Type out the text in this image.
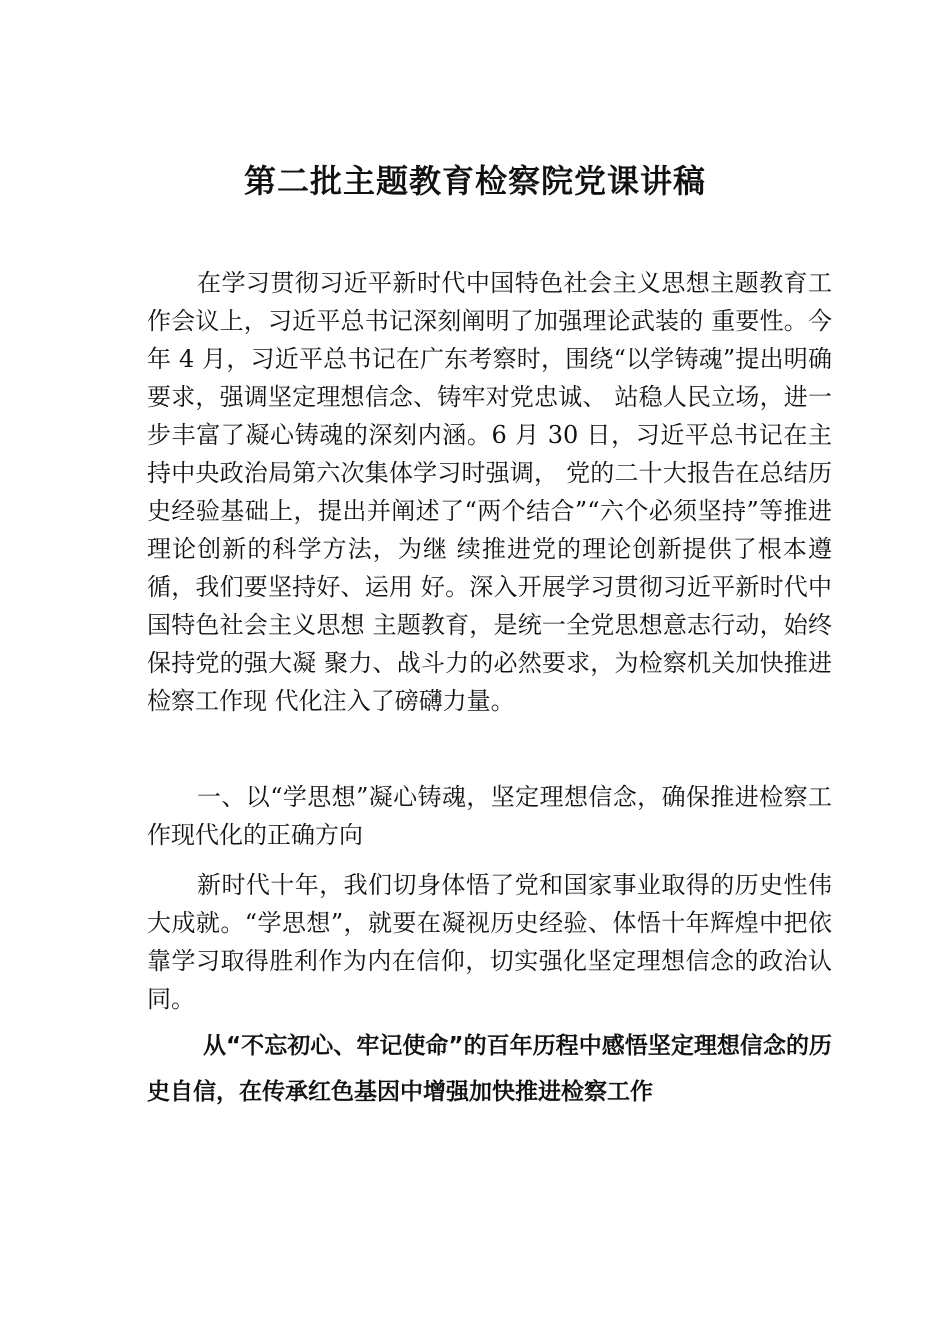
第二批主题教育检察院党课讲稿

在学习贯彻习近平新时代中国特色社会主义思想主题教育工作会议上，习近平总书记深刻阐明了加强理论武装的 重要性。今年 4 月，习近平总书记在广东考察时，围绕“以学铸魂”提出明确要求，强调坚定理想信念、铸牢对党忠诚、 站稳人民立场，进一步丰富了凝心铸魂的深刻内涵。6 月 30 日，习近平总书记在主持中央政治局第六次集体学习时强调， 党的二十大报告在总结历史经验基础上，提出并阐述了“两个结合”“六个必须坚持”等推进理论创新的科学方法，为继 续推进党的理论创新提供了根本遵循，我们要坚持好、运用 好。深入开展学习贯彻习近平新时代中国特色社会主义思想 主题教育，是统一全党思想意志行动，始终保持党的强大凝 聚力、战斗力的必然要求，为检察机关加快推进检察工作现 代化注入了磅礴力量。

一、以“学思想”凝心铸魂，坚定理想信念，确保推进检察工作现代化的正确方向

新时代十年，我们切身体悟了党和国家事业取得的历史性伟大成就。“学思想”，就要在凝视历史经验、体悟十年辉煌中把依靠学习取得胜利作为内在信仰，切实强化坚定理想信念的政治认同。

从“不忘初心、牢记使命”的百年历程中感悟坚定理想信念的历史自信，在传承红色基因中增强加快推进检察工作
